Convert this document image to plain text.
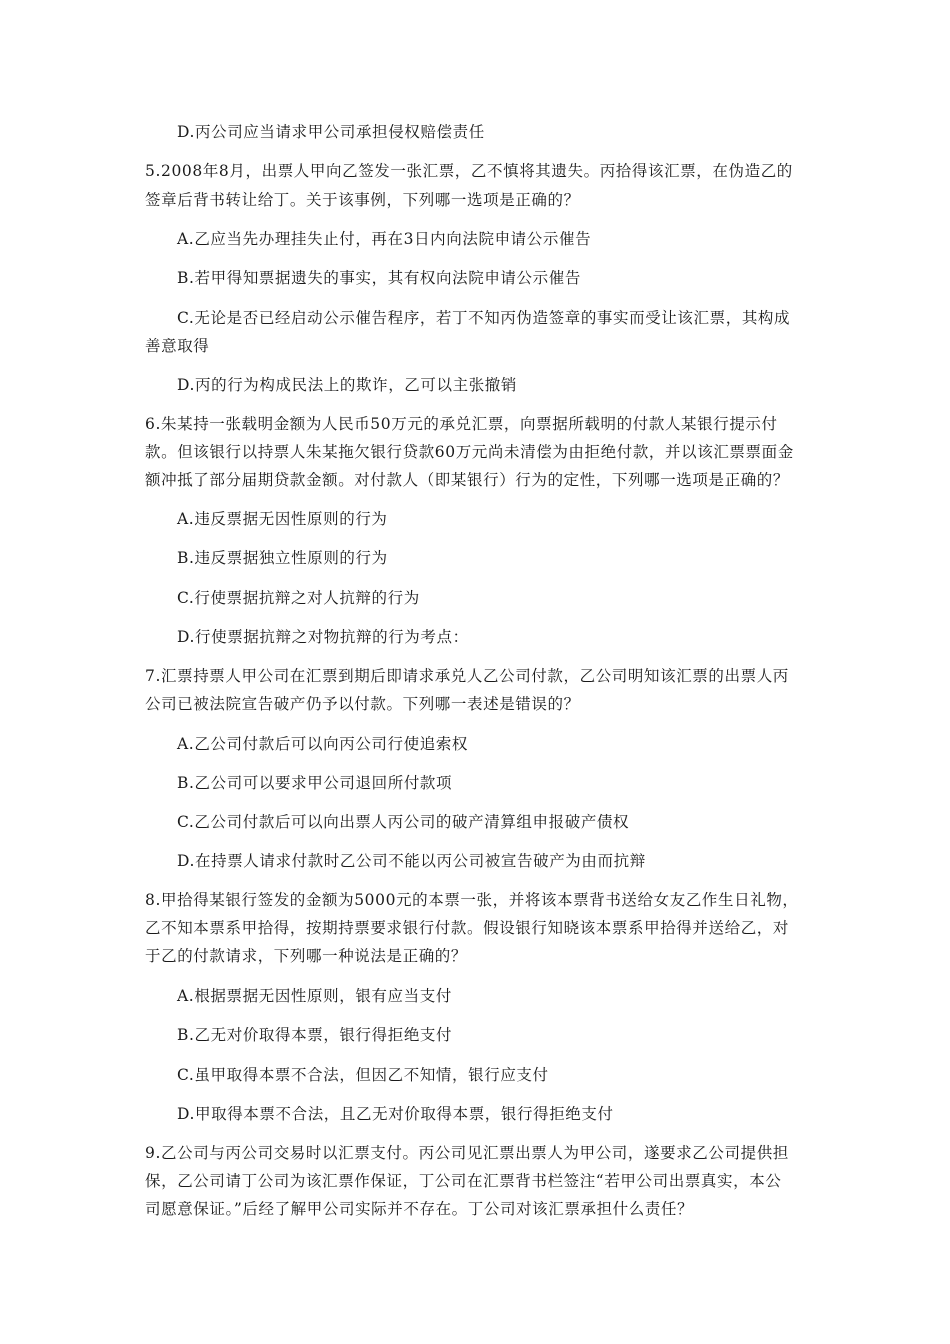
D.丙公司应当请求甲公司承担侵权赔偿责任
5.2008年8月，出票人甲向乙签发一张汇票，乙不慎将其遗失。丙拾得该汇票，在伪造乙的
签章后背书转让给丁。关于该事例，下列哪一选项是正确的？
A.乙应当先办理挂失止付，再在3日内向法院申请公示催告
B.若甲得知票据遗失的事实，其有权向法院申请公示催告
C.无论是否已经启动公示催告程序，若丁不知丙伪造签章的事实而受让该汇票，其构成
善意取得
D.丙的行为构成民法上的欺诈，乙可以主张撤销
6.朱某持一张载明金额为人民币50万元的承兑汇票，向票据所载明的付款人某银行提示付
款。但该银行以持票人朱某拖欠银行贷款60万元尚未清偿为由拒绝付款，并以该汇票票面金
额冲抵了部分届期贷款金额。对付款人（即某银行）行为的定性，下列哪一选项是正确的？
A.违反票据无因性原则的行为
B.违反票据独立性原则的行为
C.行使票据抗辩之对人抗辩的行为
D.行使票据抗辩之对物抗辩的行为考点：
7.汇票持票人甲公司在汇票到期后即请求承兑人乙公司付款，乙公司明知该汇票的出票人丙
公司已被法院宣告破产仍予以付款。下列哪一表述是错误的？
A.乙公司付款后可以向丙公司行使追索权
B.乙公司可以要求甲公司退回所付款项
C.乙公司付款后可以向出票人丙公司的破产清算组申报破产债权
D.在持票人请求付款时乙公司不能以丙公司被宣告破产为由而抗辩
8.甲拾得某银行签发的金额为5000元的本票一张，并将该本票背书送给女友乙作生日礼物，
乙不知本票系甲拾得，按期持票要求银行付款。假设银行知晓该本票系甲拾得并送给乙，对
于乙的付款请求，下列哪一种说法是正确的？
A.根据票据无因性原则，银有应当支付
B.乙无对价取得本票，银行得拒绝支付
C.虽甲取得本票不合法，但因乙不知情，银行应支付
D.甲取得本票不合法，且乙无对价取得本票，银行得拒绝支付
9.乙公司与丙公司交易时以汇票支付。丙公司见汇票出票人为甲公司，遂要求乙公司提供担
保，乙公司请丁公司为该汇票作保证，丁公司在汇票背书栏签注“若甲公司出票真实，本公
司愿意保证。”后经了解甲公司实际并不存在。丁公司对该汇票承担什么责任？
